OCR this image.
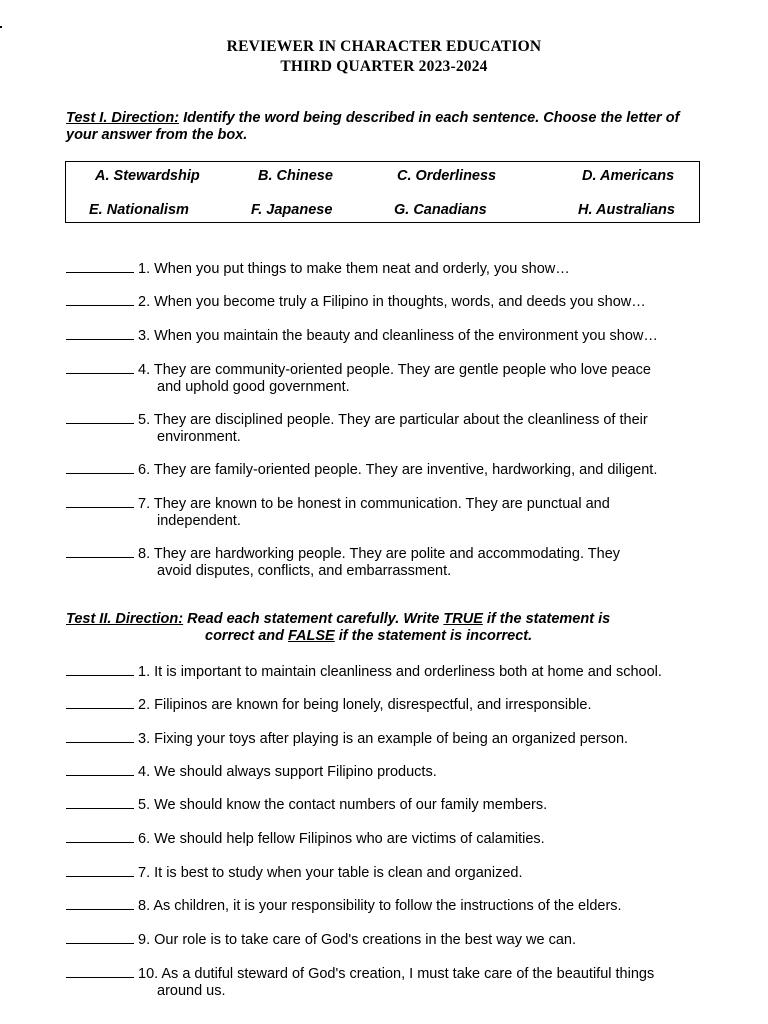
REVIEWER IN CHARACTER EDUCATION
THIRD QUARTER 2023-2024
Test I. Direction: Identify the word being described in each sentence. Choose the letter of your answer from the box.
A. Stewardship	B. Chinese	C. Orderliness	D. Americans
E. Nationalism	F. Japanese	G. Canadians	H. Australians
1. When you put things to make them neat and orderly, you show…
2. When you become truly a Filipino in thoughts, words, and deeds you show…
3. When you maintain the beauty and cleanliness of the environment you show…
4. They are community-oriented people. They are gentle people who love peace
and uphold good government.
5. They are disciplined people. They are particular about the cleanliness of their
environment.
6. They are family-oriented people. They are inventive, hardworking, and diligent.
7. They are known to be honest in communication. They are punctual and
independent.
8. They are hardworking people. They are polite and accommodating. They
avoid disputes, conflicts, and embarrassment.
Test II. Direction: Read each statement carefully. Write TRUE if the statement is
correct and FALSE if the statement is incorrect.
1. It is important to maintain cleanliness and orderliness both at home and school.
2. Filipinos are known for being lonely, disrespectful, and irresponsible.
3. Fixing your toys after playing is an example of being an organized person.
4. We should always support Filipino products.
5. We should know the contact numbers of our family members.
6. We should help fellow Filipinos who are victims of calamities.
7. It is best to study when your table is clean and organized.
8. As children, it is your responsibility to follow the instructions of the elders.
9. Our role is to take care of God's creations in the best way we can.
10. As a dutiful steward of God's creation, I must take care of the beautiful things
around us.
